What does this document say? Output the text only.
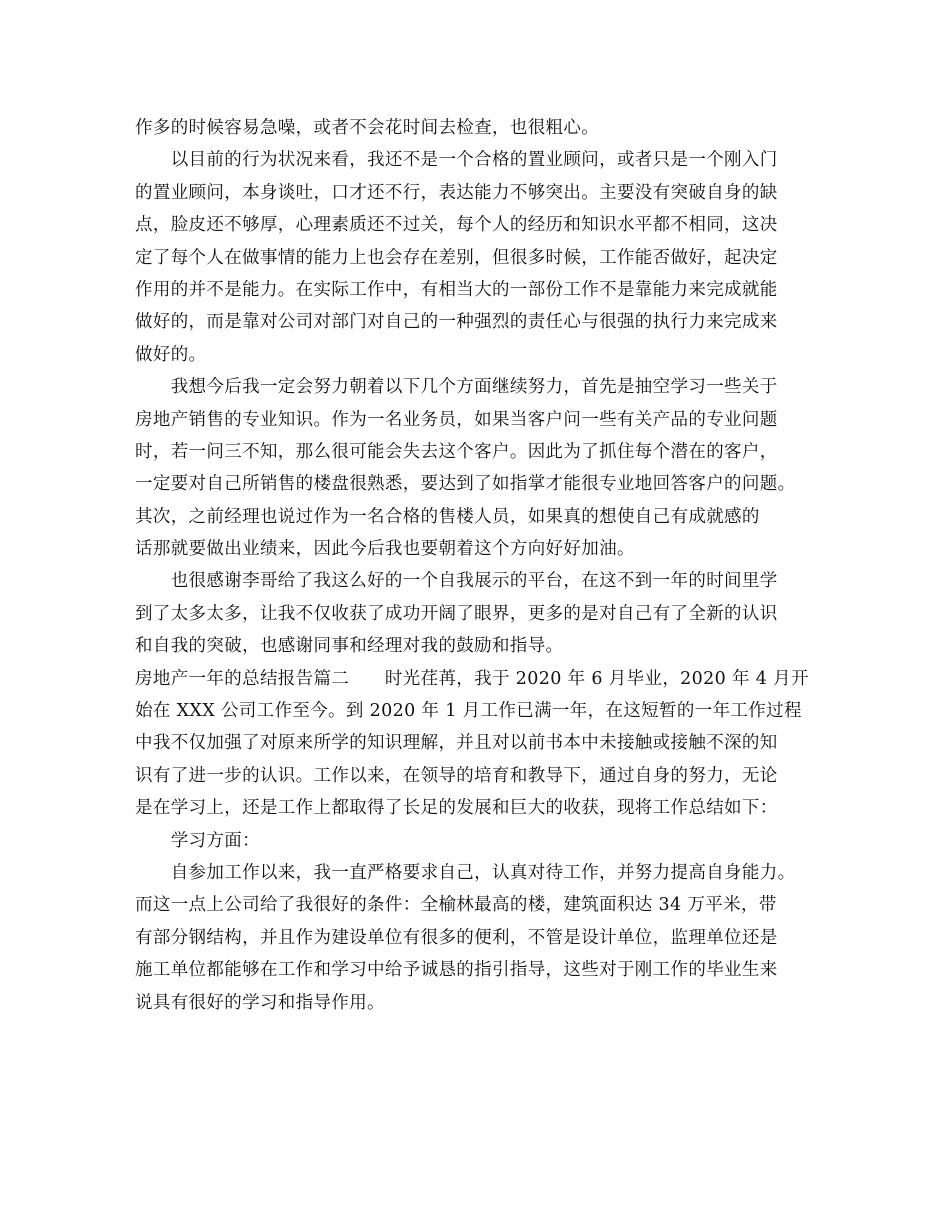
作多的时候容易急噪，或者不会花时间去检查，也很粗心。
　　以目前的行为状况来看，我还不是一个合格的置业顾问，或者只是一个刚入门
的置业顾问，本身谈吐，口才还不行，表达能力不够突出。主要没有突破自身的缺
点，脸皮还不够厚，心理素质还不过关，每个人的经历和知识水平都不相同，这决
定了每个人在做事情的能力上也会存在差别，但很多时候，工作能否做好，起决定
作用的并不是能力。在实际工作中，有相当大的一部份工作不是靠能力来完成就能
做好的，而是靠对公司对部门对自己的一种强烈的责任心与很强的执行力来完成来
做好的。
　　我想今后我一定会努力朝着以下几个方面继续努力，首先是抽空学习一些关于
房地产销售的专业知识。作为一名业务员，如果当客户问一些有关产品的专业问题
时，若一问三不知，那么很可能会失去这个客户。因此为了抓住每个潜在的客户，
一定要对自己所销售的楼盘很熟悉，要达到了如指掌才能很专业地回答客户的问题。
其次，之前经理也说过作为一名合格的售楼人员，如果真的想使自己有成就感的
话那就要做出业绩来，因此今后我也要朝着这个方向好好加油。
　　也很感谢李哥给了我这么好的一个自我展示的平台，在这不到一年的时间里学
到了太多太多，让我不仅收获了成功开阔了眼界，更多的是对自己有了全新的认识
和自我的突破，也感谢同事和经理对我的鼓励和指导。
房地产一年的总结报告篇二　　时光荏苒，我于 2020 年 6 月毕业，2020 年 4 月开
始在 XXX 公司工作至今。到 2020 年 1 月工作已满一年，在这短暂的一年工作过程
中我不仅加强了对原来所学的知识理解，并且对以前书本中未接触或接触不深的知
识有了进一步的认识。工作以来，在领导的培育和教导下，通过自身的努力，无论
是在学习上，还是工作上都取得了长足的发展和巨大的收获，现将工作总结如下：
　　学习方面：
　　自参加工作以来，我一直严格要求自己，认真对待工作，并努力提高自身能力。
而这一点上公司给了我很好的条件：全榆林最高的楼，建筑面积达 34 万平米，带
有部分钢结构，并且作为建设单位有很多的便利，不管是设计单位，监理单位还是
施工单位都能够在工作和学习中给予诚恳的指引指导，这些对于刚工作的毕业生来
说具有很好的学习和指导作用。
